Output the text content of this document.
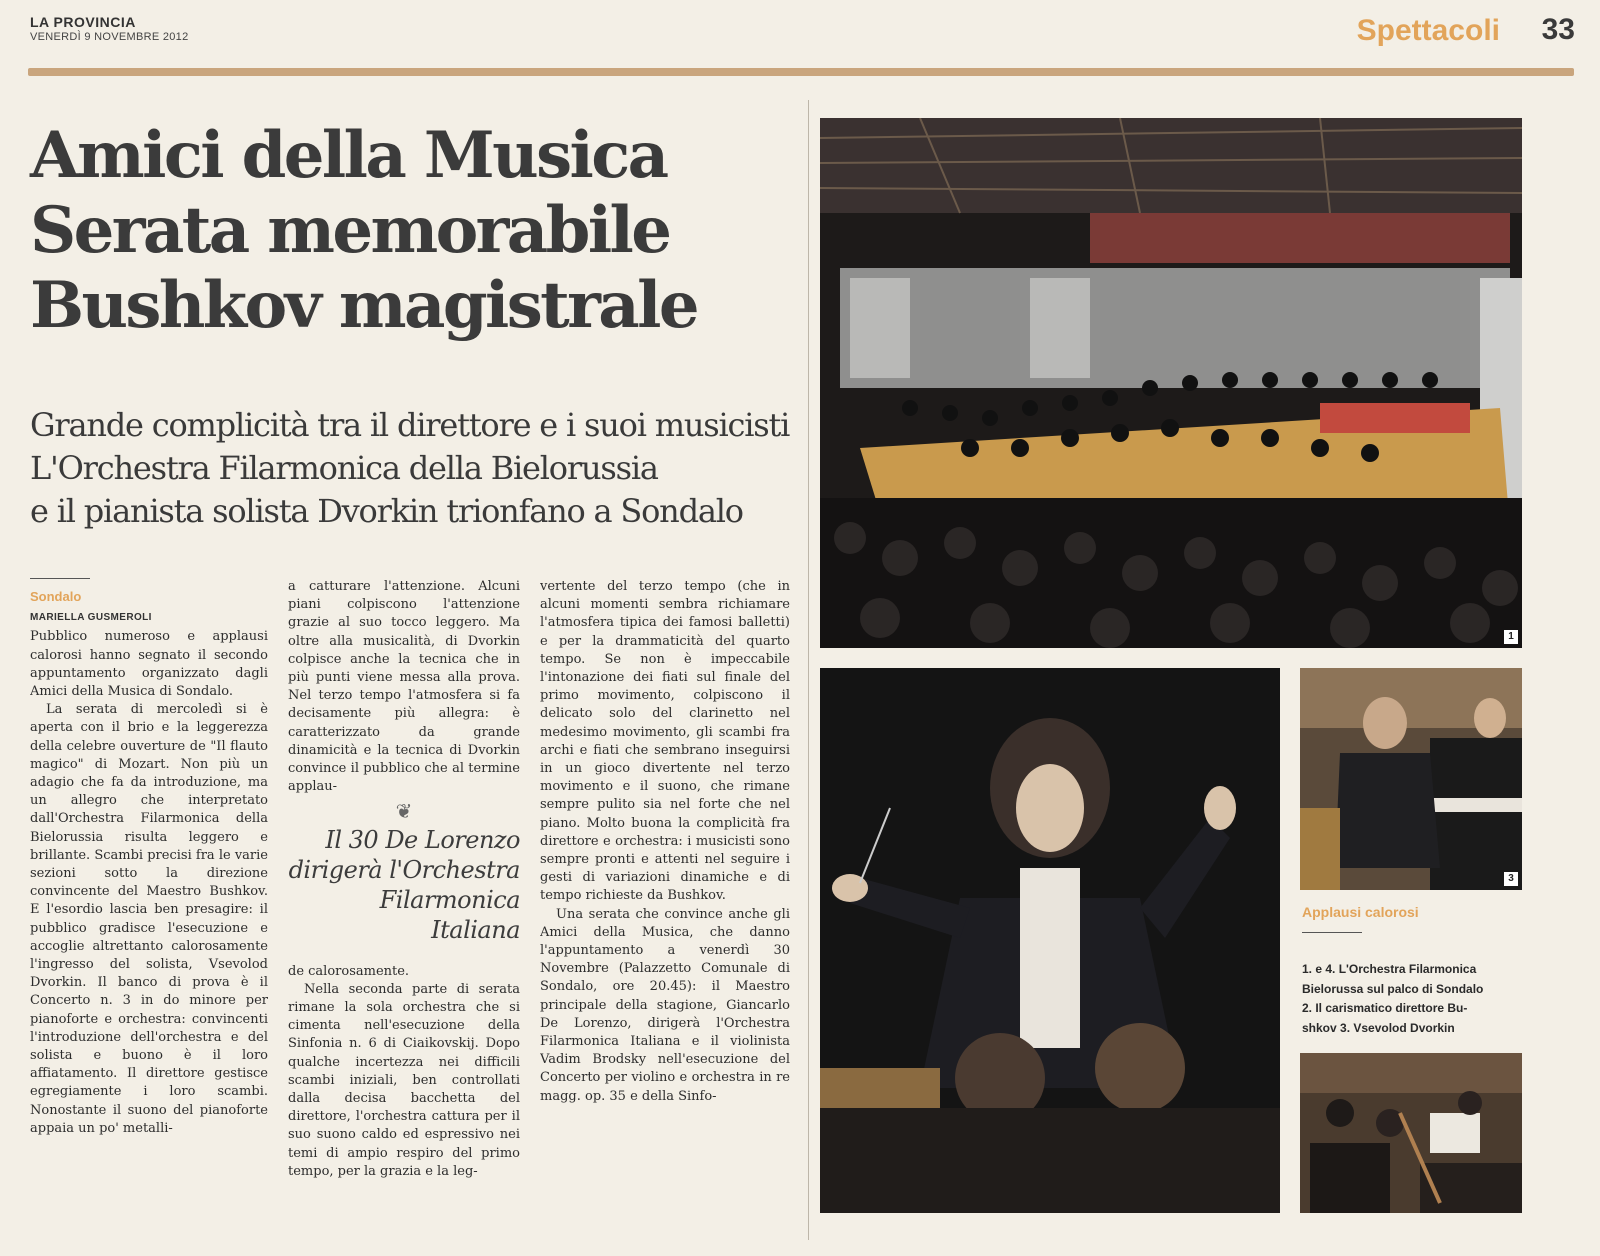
LA PROVINCIA
VENERDÌ 9 NOVEMBRE 2012	Spettacoli 33
Amici della Musica
Serata memorabile
Bushkov magistrale
Grande complicità tra il direttore e i suoi musicisti
L'Orchestra Filarmonica della Bielorussia
e il pianista solista Dvorkin trionfano a Sondalo
Sondalo
MARIELLA GUSMEROLI

Pubblico numeroso e applausi calorosi hanno segnato il secondo appuntamento organizzato dagli Amici della Musica di Sondalo.

La serata di mercoledì si è aperta con il brio e la leggerezza della celebre ouverture de "Il flauto magico" di Mozart. Non più un adagio che fa da introduzione, ma un allegro che interpretato dall'Orchestra Filarmonica della Bielorussia risulta leggero e brillante. Scambi precisi fra le varie sezioni sotto la direzione convincente del Maestro Bushkov. E l'esordio lascia ben presagire: il pubblico gradisce l'esecuzione e accoglie altrettanto calorosamente l'ingresso del solista, Vsevolod Dvorkin. Il banco di prova è il Concerto n. 3 in do minore per pianoforte e orchestra: convincenti l'introduzione dell'orchestra e del solista e buono è il loro affiatamento. Il direttore gestisce egregiamente i loro scambi. Nonostante il suono del pianoforte appaia un po' metalli-

a catturare l'attenzione. Alcuni piani colpiscono l'attenzione grazie al suo tocco leggero. Ma oltre alla musicalità, di Dvorkin colpisce anche la tecnica che in più punti viene messa alla prova. Nel terzo tempo l'atmosfera si fa decisamente più allegra: è caratterizzato da grande dinamicità e la tecnica di Dvorkin convince il pubblico che al termine applau-

❦
Il 30 De Lorenzo dirigerà l'Orchestra Filarmonica Italiana

de calorosamente.

Nella seconda parte di serata rimane la sola orchestra che si cimenta nell'esecuzione della Sinfonia n. 6 di Ciaikovskij. Dopo qualche incertezza nei difficili scambi iniziali, ben controllati dalla decisa bacchetta del direttore, l'orchestra cattura per il suo suono caldo ed espressivo nei temi di ampio respiro del primo tempo, per la grazia e la leg-

vertente del terzo tempo (che in alcuni momenti sembra richiamare l'atmosfera tipica dei famosi balletti) e per la drammaticità del quarto tempo. Se non è impeccabile l'intonazione dei fiati sul finale del primo movimento, colpiscono il delicato solo del clarinetto nel medesimo movimento, gli scambi fra archi e fiati che sembrano inseguirsi in un gioco divertente nel terzo movimento e il suono, che rimane sempre pulito sia nel forte che nel piano. Molto buona la complicità fra direttore e orchestra: i musicisti sono sempre pronti e attenti nel seguire i gesti di variazioni dinamiche e di tempo richieste da Bushkov.

Una serata che convince anche gli Amici della Musica, che danno l'appuntamento a venerdì 30 Novembre (Palazzetto Comunale di Sondalo, ore 20.45): il Maestro principale della stagione, Giancarlo De Lorenzo, dirigerà l'Orchestra Filarmonica Italiana e il violinista Vadim Brodsky nell'esecuzione del Concerto per violino e orchestra in re magg. op. 35 e della Sinfo-

1
3
Applausi calorosi
1. e 4. L'Orchestra Filarmonica
Bielorussa sul palco di Sondalo
2. Il carismatico direttore Bu-
shkov 3. Vsevolod Dvorkin
